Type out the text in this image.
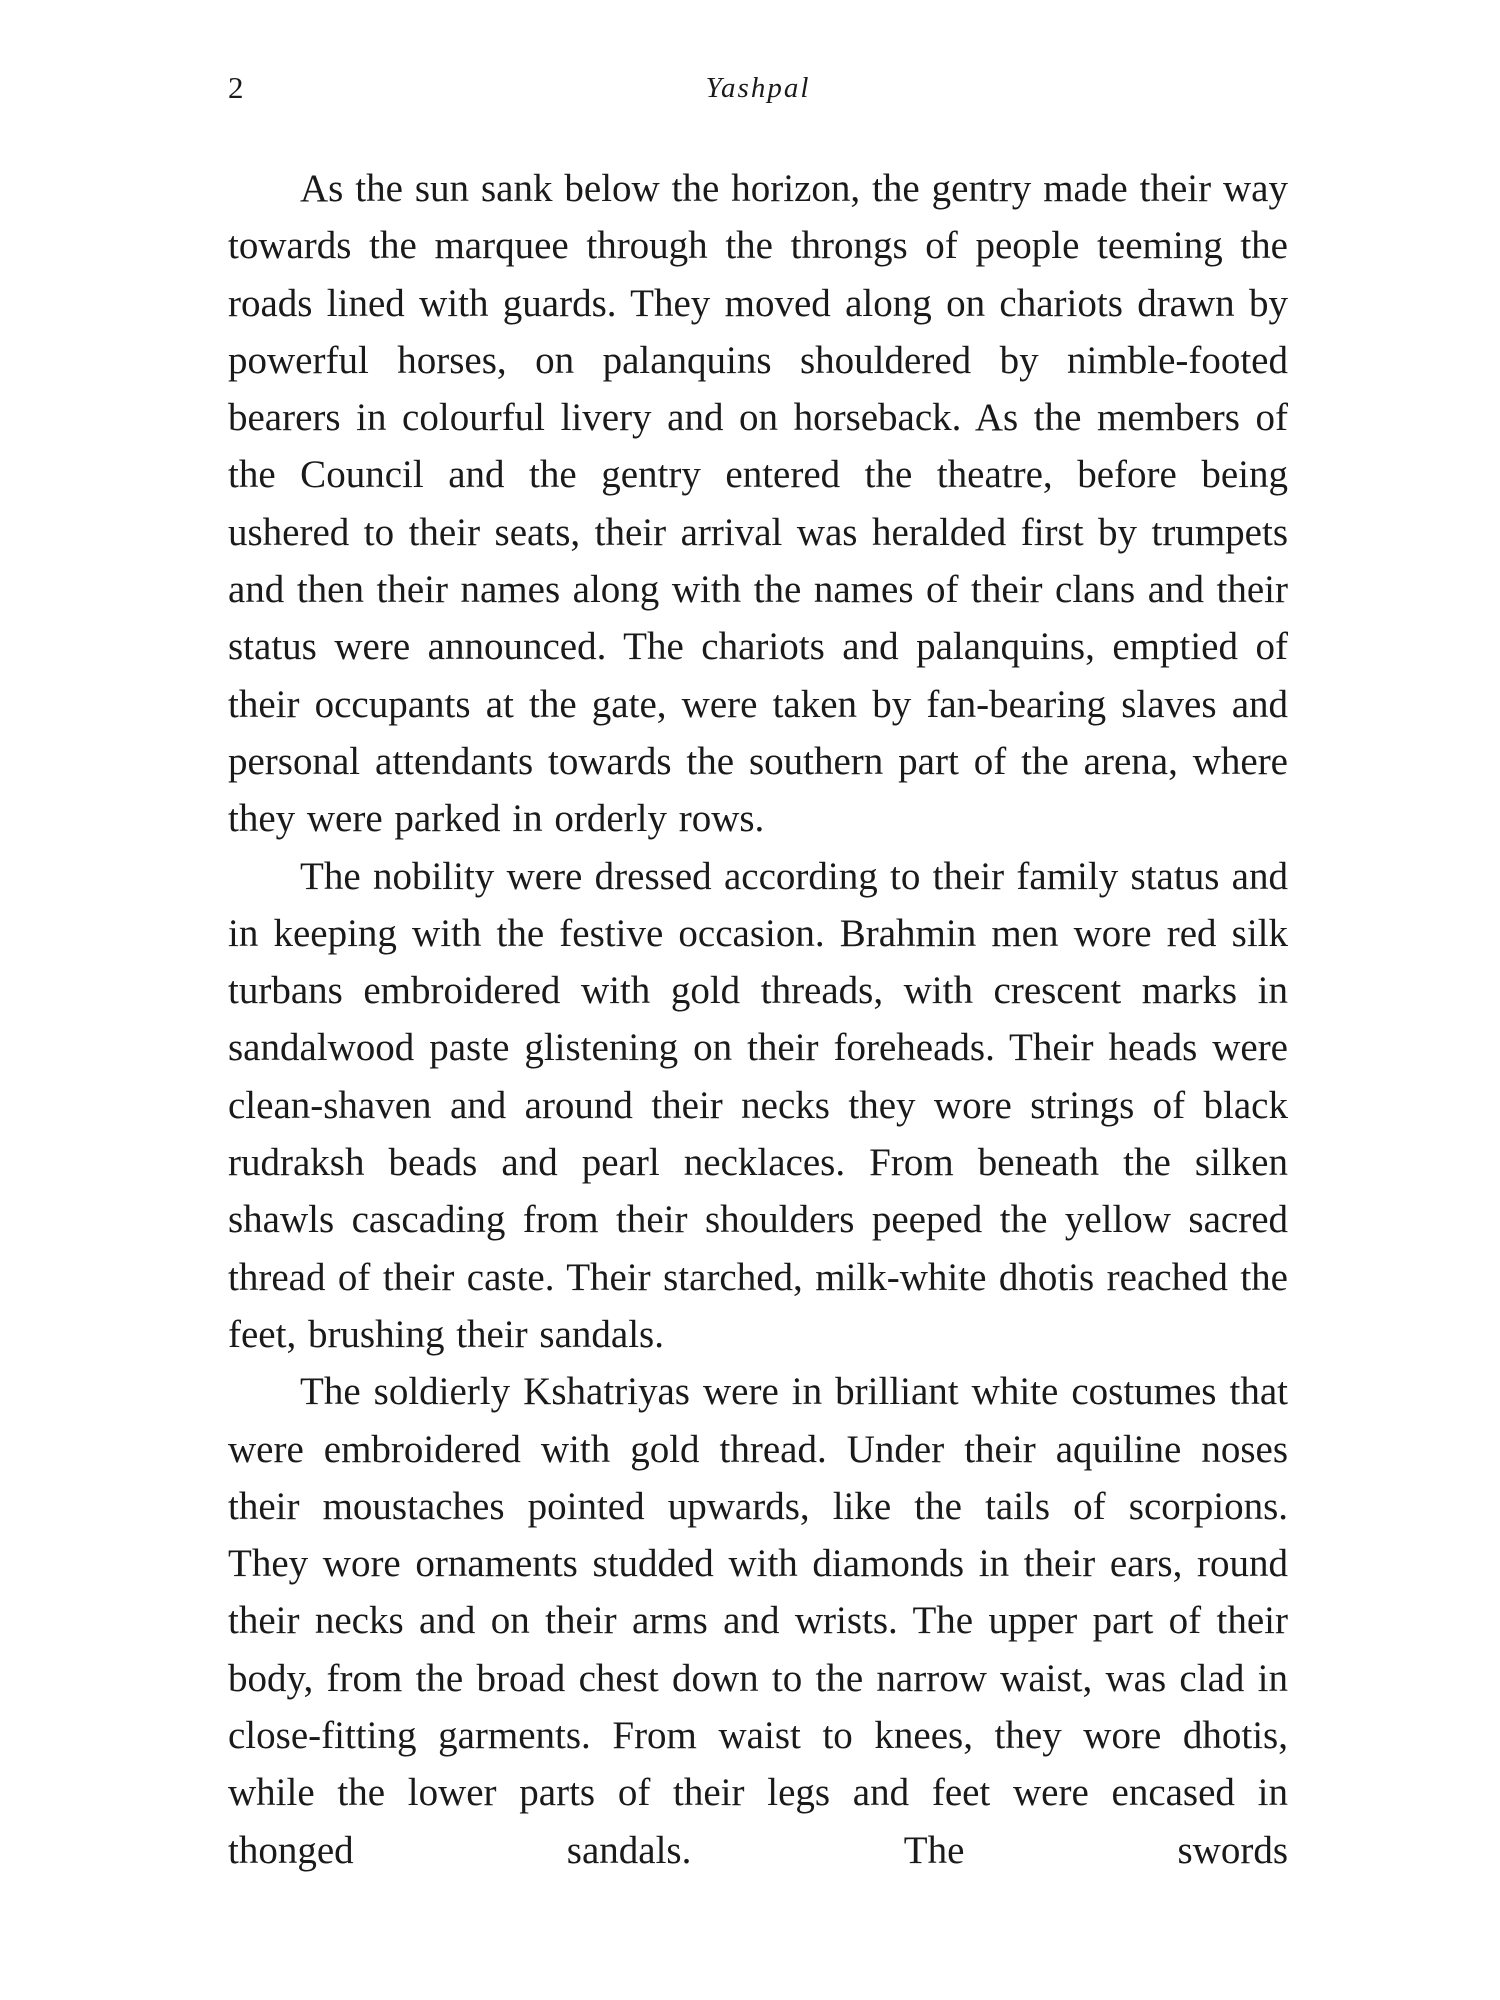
2	Yashpal

As the sun sank below the horizon, the gentry made their way towards the marquee through the throngs of people teeming the roads lined with guards. They moved along on chariots drawn by powerful horses, on palanquins shouldered by nimble-footed bearers in colourful livery and on horseback. As the members of the Council and the gentry entered the theatre, before being ushered to their seats, their arrival was heralded first by trumpets and then their names along with the names of their clans and their status were announced. The chariots and palanquins, emptied of their occupants at the gate, were taken by fan-bearing slaves and personal attendants towards the southern part of the arena, where they were parked in orderly rows.

The nobility were dressed according to their family status and in keeping with the festive occasion. Brahmin men wore red silk turbans embroidered with gold threads, with crescent marks in sandalwood paste glistening on their foreheads. Their heads were clean-shaven and around their necks they wore strings of black rudraksh beads and pearl necklaces. From beneath the silken shawls cascading from their shoulders peeped the yellow sacred thread of their caste. Their starched, milk-white dhotis reached the feet, brushing their sandals.

The soldierly Kshatriyas were in brilliant white costumes that were embroidered with gold thread. Under their aquiline noses their moustaches pointed upwards, like the tails of scorpions. They wore ornaments studded with diamonds in their ears, round their necks and on their arms and wrists. The upper part of their body, from the broad chest down to the narrow waist, was clad in close-fitting garments. From waist to knees, they wore dhotis, while the lower parts of their legs and feet were encased in thonged sandals. The swords
